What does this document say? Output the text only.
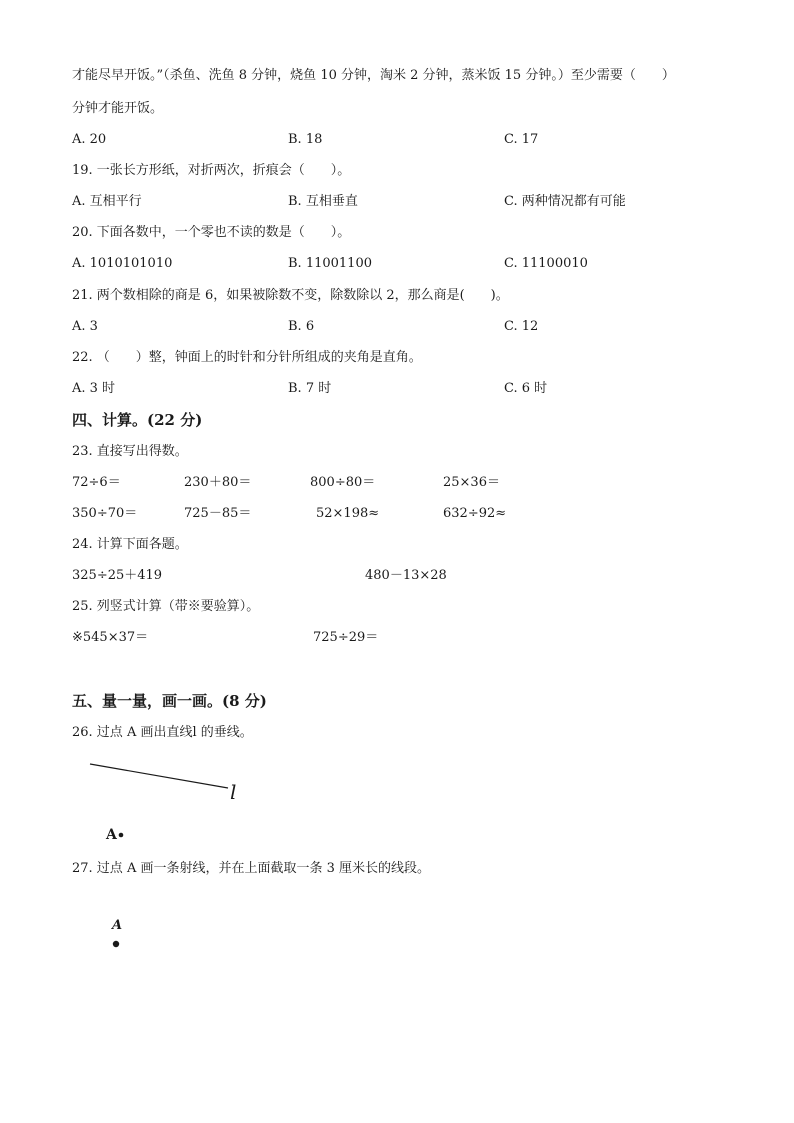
才能尽早开饭。”（杀鱼、洗鱼 8 分钟，烧鱼 10 分钟，淘米 2 分钟，蒸米饭 15 分钟。）至少需要（　　）
分钟才能开饭。
A. 20	B. 18	C. 17
19. 一张长方形纸，对折两次，折痕会（　　）。
A. 互相平行	B. 互相垂直	C. 两种情况都有可能
20. 下面各数中，一个零也不读的数是（　　）。
A. 1010101010	B. 11001100	C. 11100010
21. 两个数相除的商是 6，如果被除数不变，除数除以 2，那么商是(　　)。
A. 3	B. 6	C. 12
22. （　　）整，钟面上的时针和分针所组成的夹角是直角。
A. 3 时	B. 7 时	C. 6 时
四、计算。(22 分)
23. 直接写出得数。
72÷6＝	230＋80＝	800÷80＝	25×36＝
350÷70＝	725－85＝	52×198≈	632÷92≈
24. 计算下面各题。
325÷25＋419	480－13×28
25. 列竖式计算（带※要验算）。
※545×37＝	725÷29＝
五、量一量，画一画。(8 分)
26. 过点 A 画出直线l 的垂线。
l
A
27. 过点 A 画一条射线，并在上面截取一条 3 厘米长的线段。
A
